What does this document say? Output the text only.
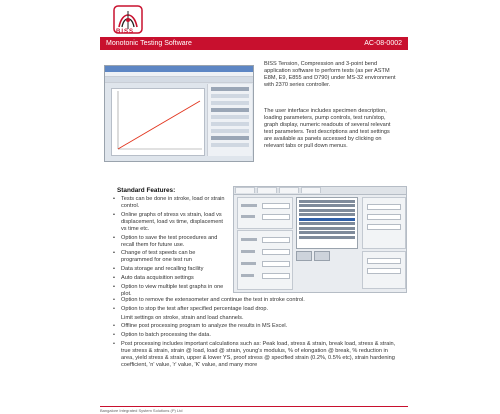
BISS
Monotonic Testing Software	AC-08-0002

BISS Tension, Compression and 3-point bend application software to perform tests (as per ASTM E8M, E9, E855 and D790) under MS-32 environment with 2370 series controller.

The user interface includes specimen description, loading parameters, pump controls, test run/stop, graph display, numeric readouts of several relevant test parameters. Test descriptions and test settings are available as panels accessed by clicking on relevant tabs or pull down menus.

Standard Features:

• Tests can be done in stroke, load or strain control.
• Online graphs of stress vs strain, load vs displacement, load vs time, displacement vs time etc.
• Option to save the test procedures and recall them for future use.
• Change of test speeds can be programmed for one test run
• Data storage and recalling facility
• Auto data acquisition settings
• Option to view multiple test graphs in one plot.
• Option to remove the extensometer and continue the test in stroke control.
• Option to stop the test after specified percentage load drop.
Limit settings on stroke, strain and load channels.
• Offline post processing program to analyze the results in MS Excel.
• Option to batch processing the data.
• Post processing includes important calculations such as: Peak load, stress & strain, break load, stress & strain, true stress & strain, strain @ load, load @ strain, young's modulus, % of elongation @ break, % reduction in area, yield stress & strain, upper & lower YS, proof stress @ specified strain (0.2%, 0.5% etc), strain hardening coefficient, 'n' value, 'r' value, 'K' value, and many more

Bangalore Integrated System Solutions (P) Ltd
